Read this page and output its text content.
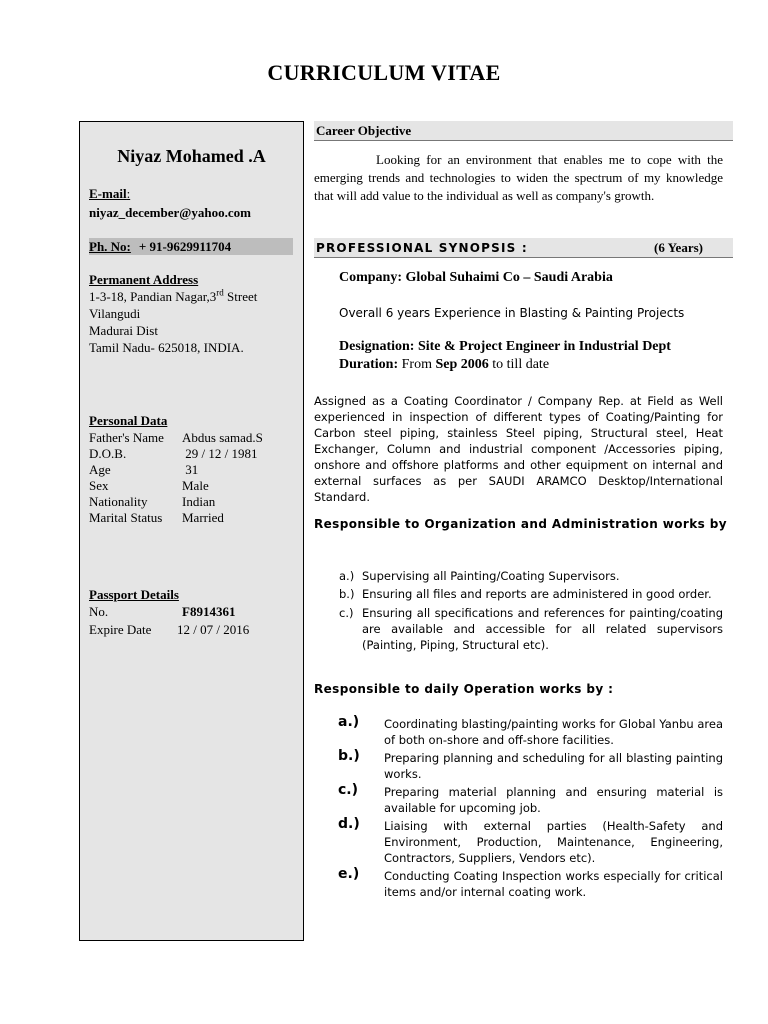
CURRICULUM VITAE
Niyaz Mohamed .A
E-mail:
niyaz_december@yahoo.com
Ph. No: + 91-9629911704
Permanent Address
1-3-18, Pandian Nagar,3rd Street
Vilangudi
Madurai Dist
Tamil Nadu- 625018, INDIA.
Personal Data
Father's Name Abdus samad.S
D.O.B.	29 / 12 / 1981
Age	31
Sex	Male
Nationality	Indian
Marital Status Married
Passport Details
No.	F8914361
Expire Date 12 / 07 / 2016
Career Objective
Looking for an environment that enables me to cope with the emerging trends and technologies to widen the spectrum of my knowledge that will add value to the individual as well as company's growth.
PROFESSIONAL SYNOPSIS :	(6 Years)
Company: Global Suhaimi Co – Saudi Arabia
Overall 6 years Experience in Blasting & Painting Projects
Designation: Site & Project Engineer in Industrial Dept
Duration: From Sep 2006 to till date
Assigned as a Coating Coordinator / Company Rep. at Field as Well experienced in inspection of different types of Coating/Painting for Carbon steel piping, stainless Steel piping, Structural steel, Heat Exchanger, Column and industrial component /Accessories piping, onshore and offshore platforms and other equipment on internal and external surfaces as per SAUDI ARAMCO Desktop/International Standard.
Responsible to Organization and Administration works by
a.) Supervising all Painting/Coating Supervisors.
b.) Ensuring all files and reports are administered in good order.
c.) Ensuring all specifications and references for painting/coating are available and accessible for all related supervisors (Painting, Piping, Structural etc).
Responsible to daily Operation works by :
a.) Coordinating blasting/painting works for Global Yanbu area of both on-shore and off-shore facilities.
b.) Preparing planning and scheduling for all blasting painting works.
c.) Preparing material planning and ensuring material is available for upcoming job.
d.) Liaising with external parties (Health-Safety and Environment, Production, Maintenance, Engineering, Contractors, Suppliers, Vendors etc).
e.) Conducting Coating Inspection works especially for critical items and/or internal coating work.
